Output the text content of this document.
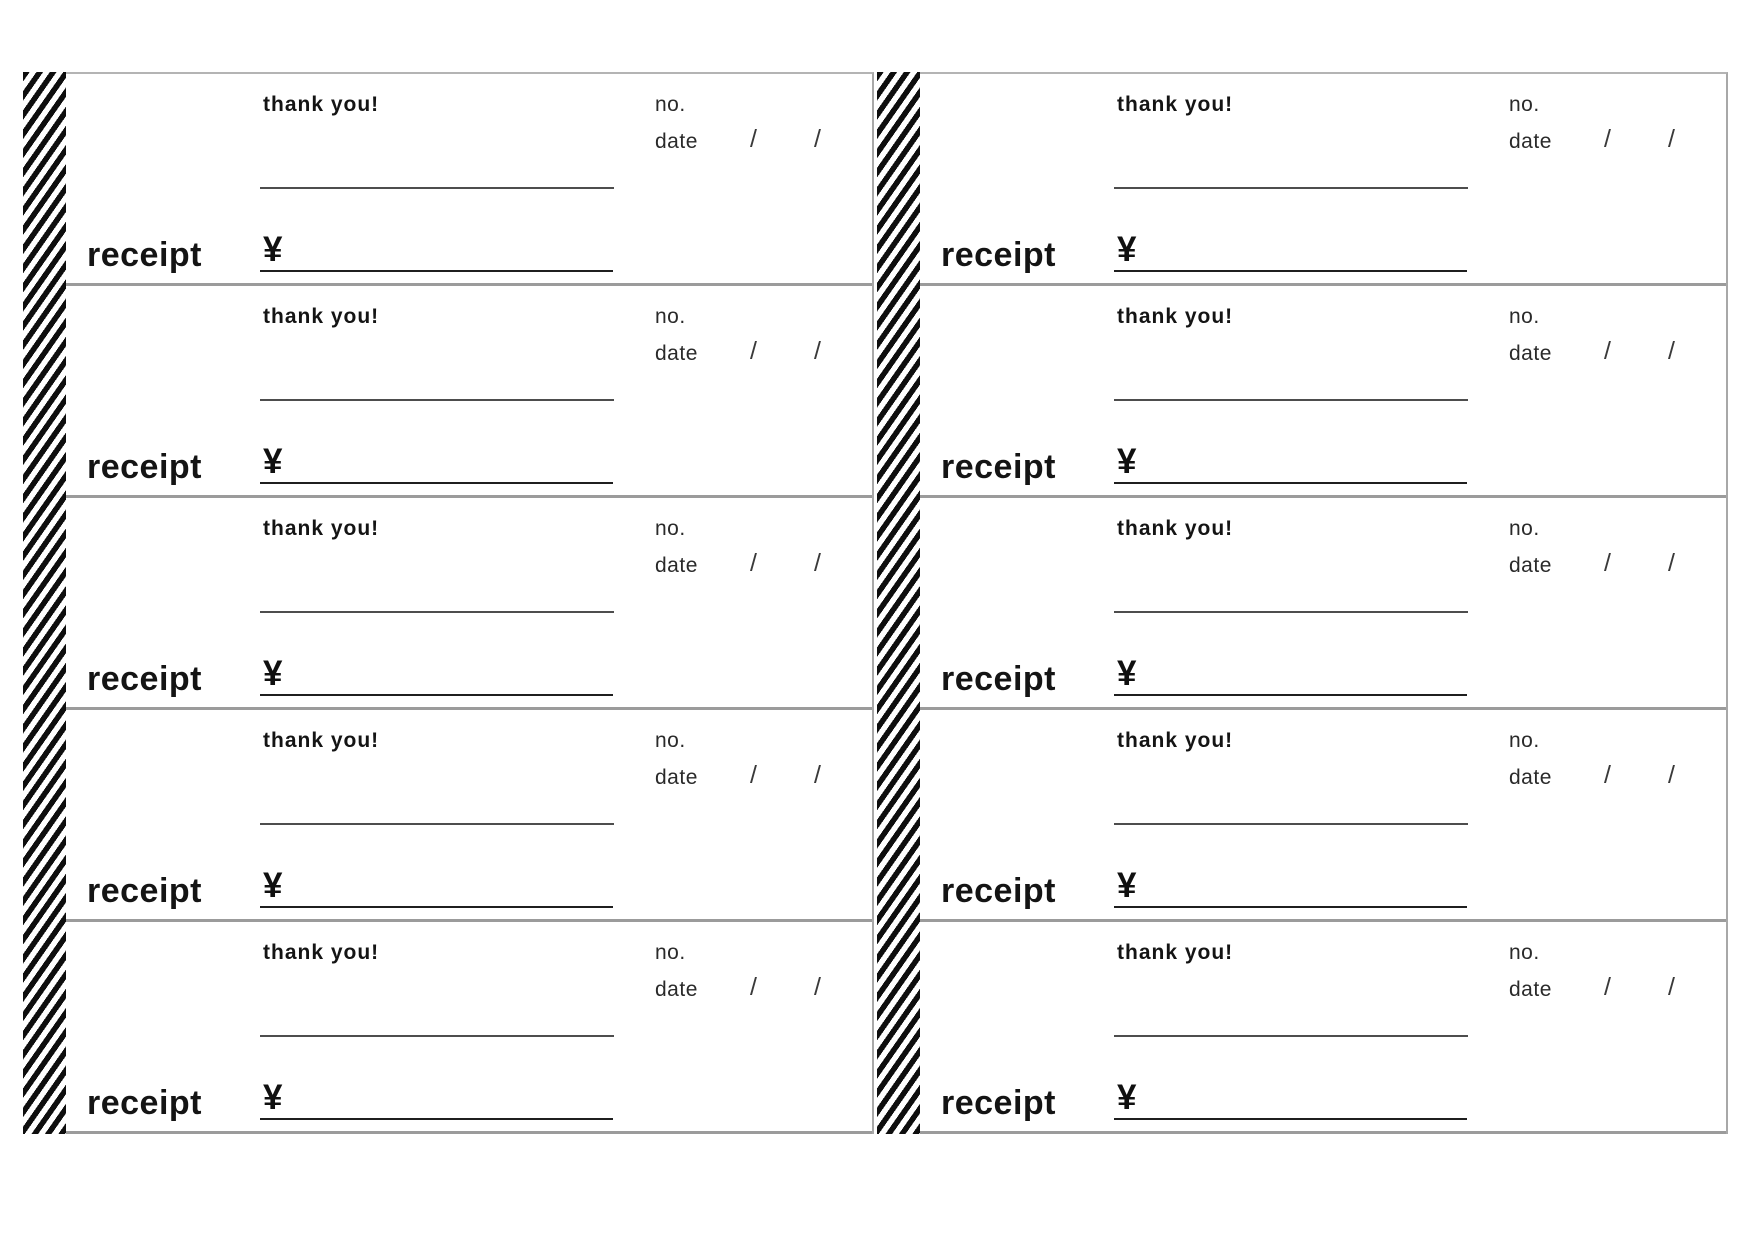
receipt
thank you!	no.
date / /
¥
receipt
thank you!	no.
date / /
¥
receipt
thank you!	no.
date / /
¥
receipt
thank you!	no.
date / /
¥
receipt
thank you!	no.
date / /
¥
receipt
thank you!	no.
date / /
¥
receipt
thank you!	no.
date / /
¥
receipt
thank you!	no.
date / /
¥
receipt
thank you!	no.
date / /
¥
receipt
thank you!	no.
date / /
¥
